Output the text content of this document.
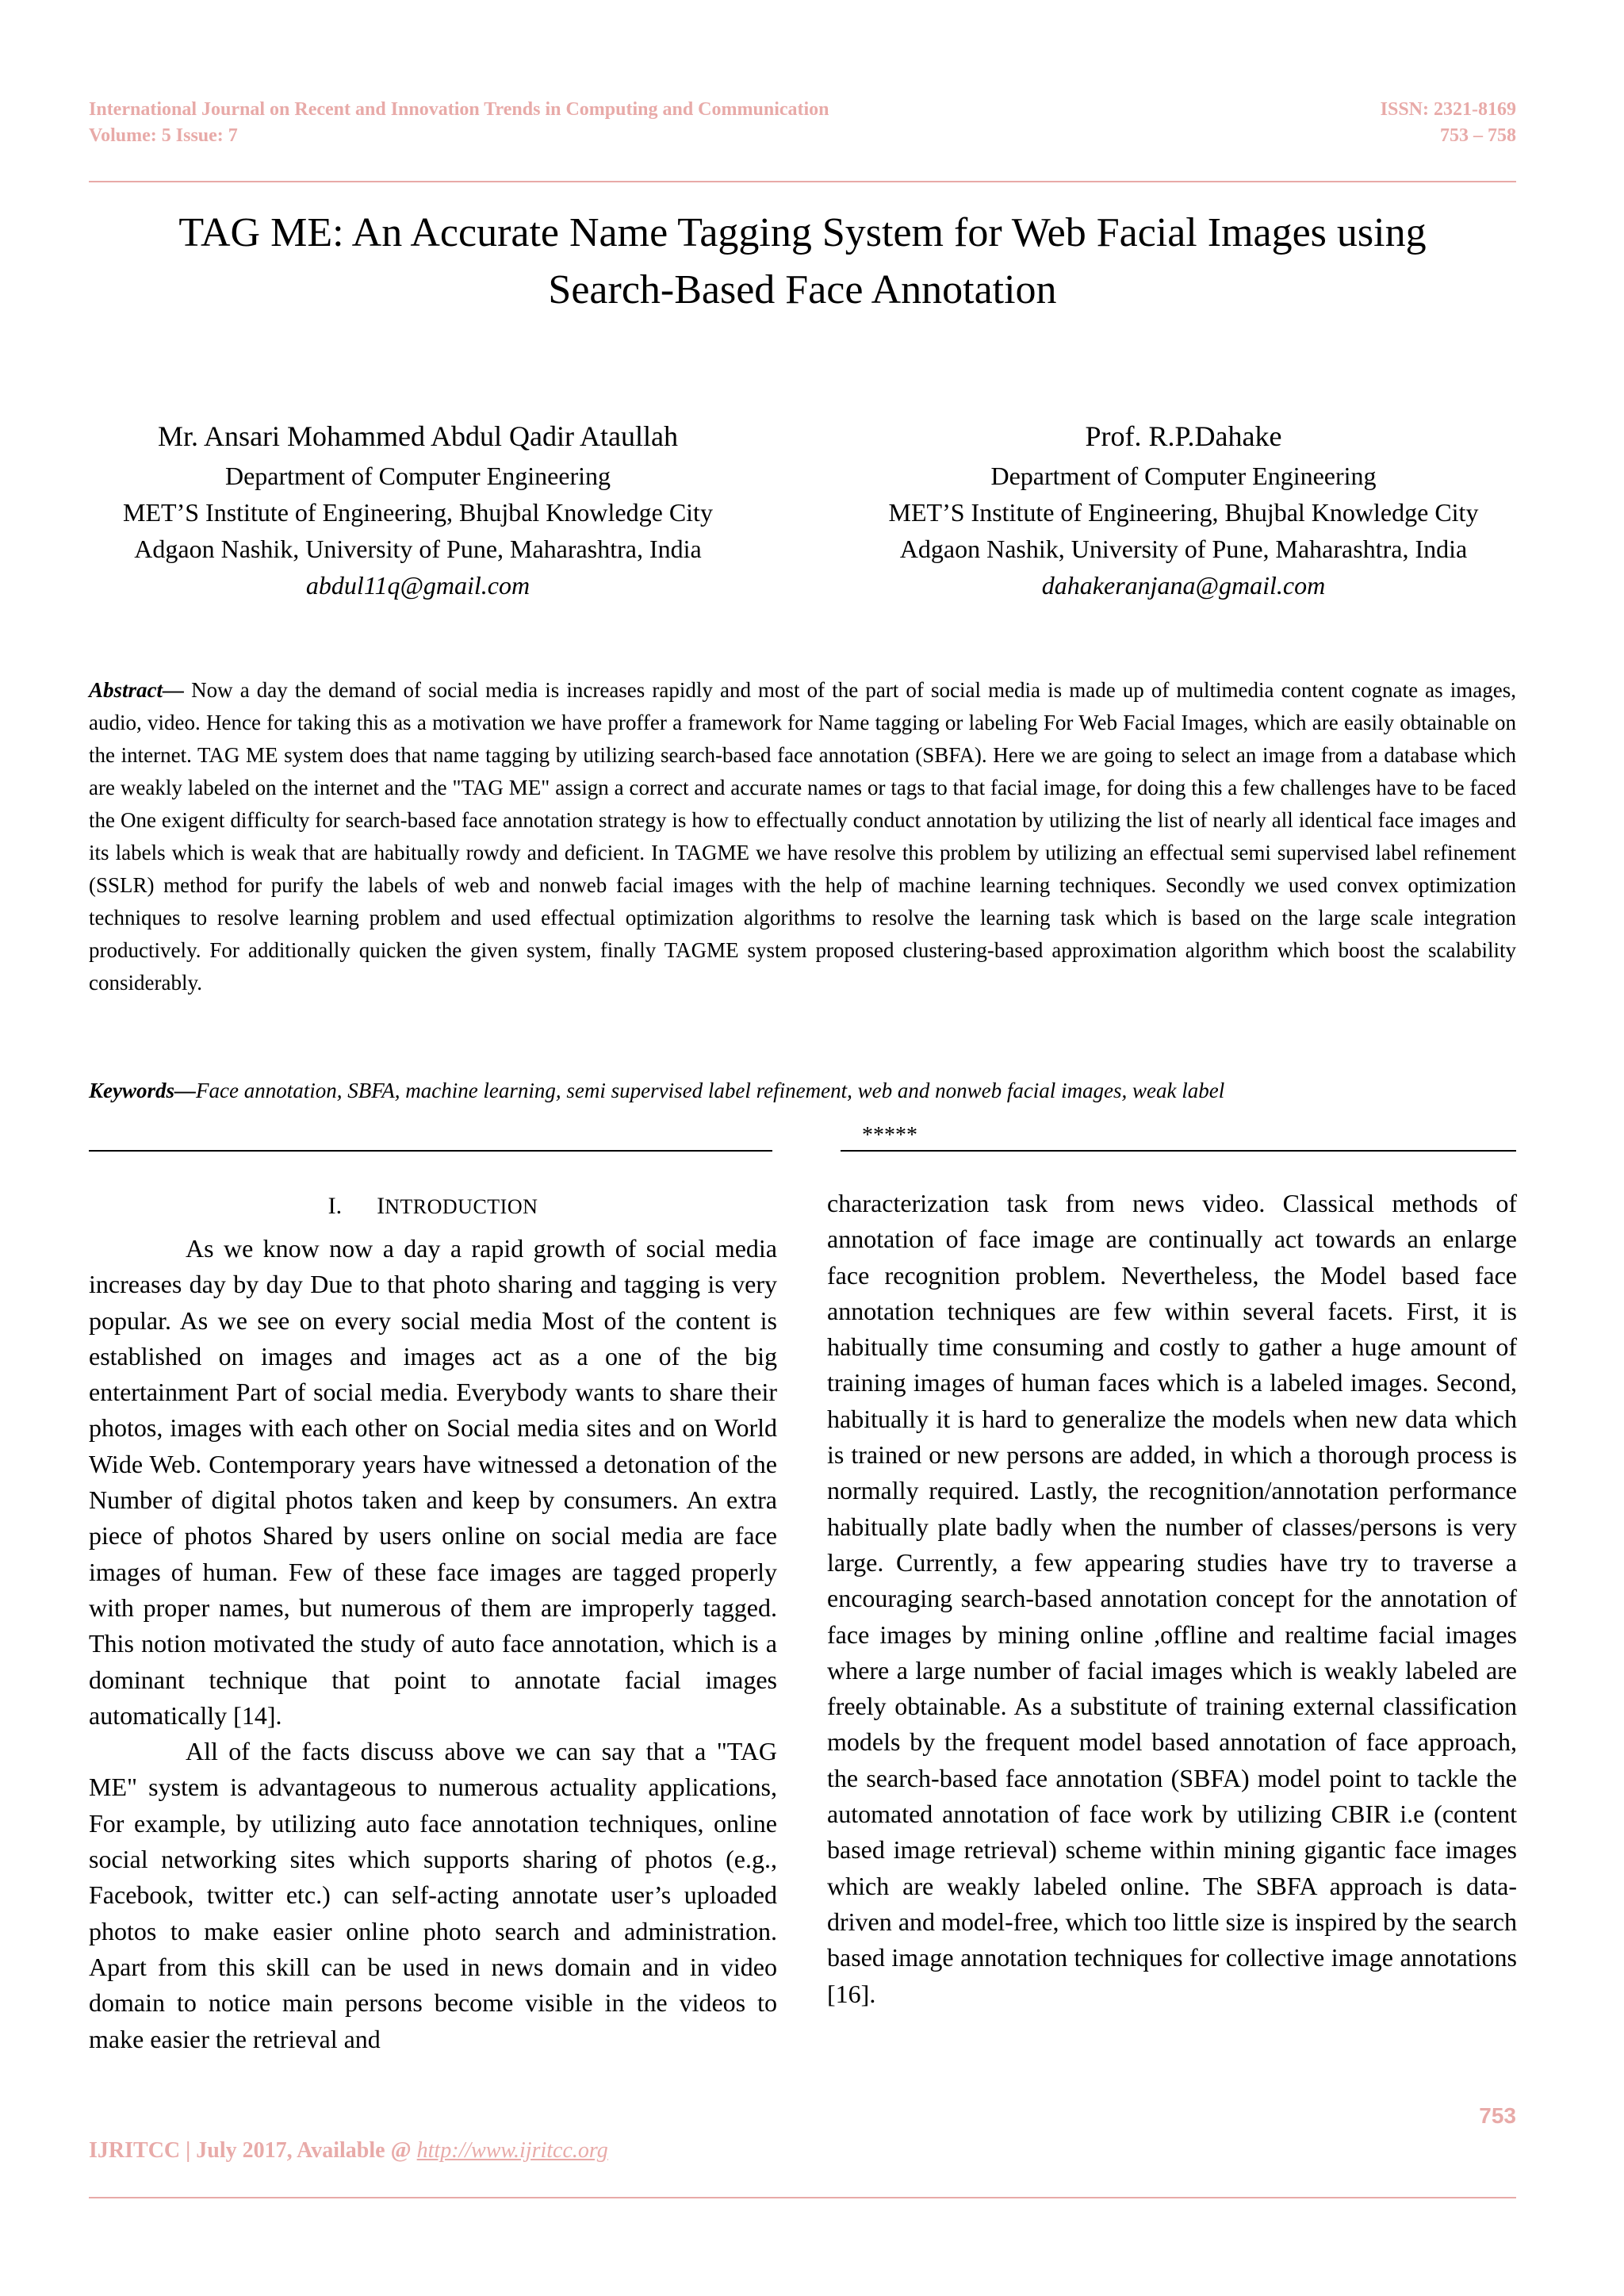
International Journal on Recent and Innovation Trends in Computing and Communication
Volume: 5 Issue: 7
ISSN: 2321-8169
753 – 758
TAG ME: An Accurate Name Tagging System for Web Facial Images using
Search-Based Face Annotation
Mr. Ansari Mohammed Abdul Qadir Ataullah
Department of Computer Engineering
MET’S Institute of Engineering, Bhujbal Knowledge City
Adgaon Nashik, University of Pune, Maharashtra, India
abdul11q@gmail.com
Prof. R.P.Dahake
Department of Computer Engineering
MET’S Institute of Engineering, Bhujbal Knowledge City
Adgaon Nashik, University of Pune, Maharashtra, India
dahakeranjana@gmail.com
Abstract— Now a day the demand of social media is increases rapidly and most of the part of social media is made up of multimedia content cognate as images, audio, video. Hence for taking this as a motivation we have proffer a framework for Name tagging or labeling For Web Facial Images, which are easily obtainable on the internet. TAG ME system does that name tagging by utilizing search-based face annotation (SBFA). Here we are going to select an image from a database which are weakly labeled on the internet and the "TAG ME" assign a correct and accurate names or tags to that facial image, for doing this a few challenges have to be faced the One exigent difficulty for search-based face annotation strategy is how to effectually conduct annotation by utilizing the list of nearly all identical face images and its labels which is weak that are habitually rowdy and deficient. In TAGME we have resolve this problem by utilizing an effectual semi supervised label refinement (SSLR) method for purify the labels of web and nonweb facial images with the help of machine learning techniques. Secondly we used convex optimization techniques to resolve learning problem and used effectual optimization algorithms to resolve the learning task which is based on the large scale integration productively. For additionally quicken the given system, finally TAGME system proposed clustering-based approximation algorithm which boost the scalability considerably.
Keywords—Face annotation, SBFA, machine learning, semi supervised label refinement, web and nonweb facial images, weak label
*****
I. INTRODUCTION

As we know now a day a rapid growth of social media increases day by day Due to that photo sharing and tagging is very popular. As we see on every social media Most of the content is established on images and images act as a one of the big entertainment Part of social media. Everybody wants to share their photos, images with each other on Social media sites and on World Wide Web. Contemporary years have witnessed a detonation of the Number of digital photos taken and keep by consumers. An extra piece of photos Shared by users online on social media are face images of human. Few of these face images are tagged properly with proper names, but numerous of them are improperly tagged. This notion motivated the study of auto face annotation, which is a dominant technique that point to annotate facial images automatically [14].

All of the facts discuss above we can say that a "TAG ME" system is advantageous to numerous actuality applications, For example, by utilizing auto face annotation techniques, online social networking sites which supports sharing of photos (e.g., Facebook, twitter etc.) can self-acting annotate user’s uploaded photos to make easier online photo search and administration. Apart from this skill can be used in news domain and in video domain to notice main persons become visible in the videos to make easier the retrieval and

characterization task from news video. Classical methods of annotation of face image are continually act towards an enlarge face recognition problem. Nevertheless, the Model based face annotation techniques are few within several facets. First, it is habitually time consuming and costly to gather a huge amount of training images of human faces which is a labeled images. Second, habitually it is hard to generalize the models when new data which is trained or new persons are added, in which a thorough process is normally required. Lastly, the recognition/annotation performance habitually plate badly when the number of classes/persons is very large. Currently, a few appearing studies have try to traverse a encouraging search-based annotation concept for the annotation of face images by mining online ,offline and realtime facial images where a large number of facial images which is weakly labeled are freely obtainable. As a substitute of training external classification models by the frequent model based annotation of face approach, the search-based face annotation (SBFA) model point to tackle the automated annotation of face work by utilizing CBIR i.e (content based image retrieval) scheme within mining gigantic face images which are weakly labeled online. The SBFA approach is data-driven and model-free, which too little size is inspired by the search based image annotation techniques for collective image annotations [16].

753
IJRITCC | July 2017, Available @ http://www.ijritcc.org
